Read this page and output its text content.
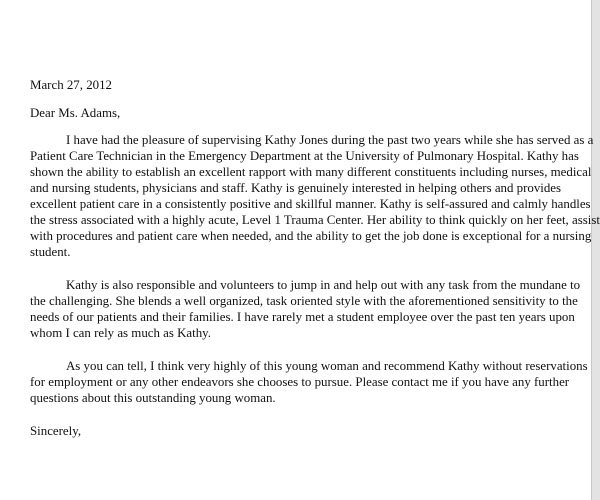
March 27, 2012
Dear Ms. Adams,
I have had the pleasure of supervising Kathy Jones during the past two years while she has served as a
Patient Care Technician in the Emergency Department at the University of Pulmonary Hospital. Kathy has
shown the ability to establish an excellent rapport with many different constituents including nurses, medical
and nursing students, physicians and staff. Kathy is genuinely interested in helping others and provides
excellent patient care in a consistently positive and skillful manner. Kathy is self-assured and calmly handles
the stress associated with a highly acute, Level 1 Trauma Center. Her ability to think quickly on her feet, assist
with procedures and patient care when needed, and the ability to get the job done is exceptional for a nursing
student.
Kathy is also responsible and volunteers to jump in and help out with any task from the mundane to
the challenging. She blends a well organized, task oriented style with the aforementioned sensitivity to the
needs of our patients and their families. I have rarely met a student employee over the past ten years upon
whom I can rely as much as Kathy.
As you can tell, I think very highly of this young woman and recommend Kathy without reservations
for employment or any other endeavors she chooses to pursue. Please contact me if you have any further
questions about this outstanding young woman.
Sincerely,
